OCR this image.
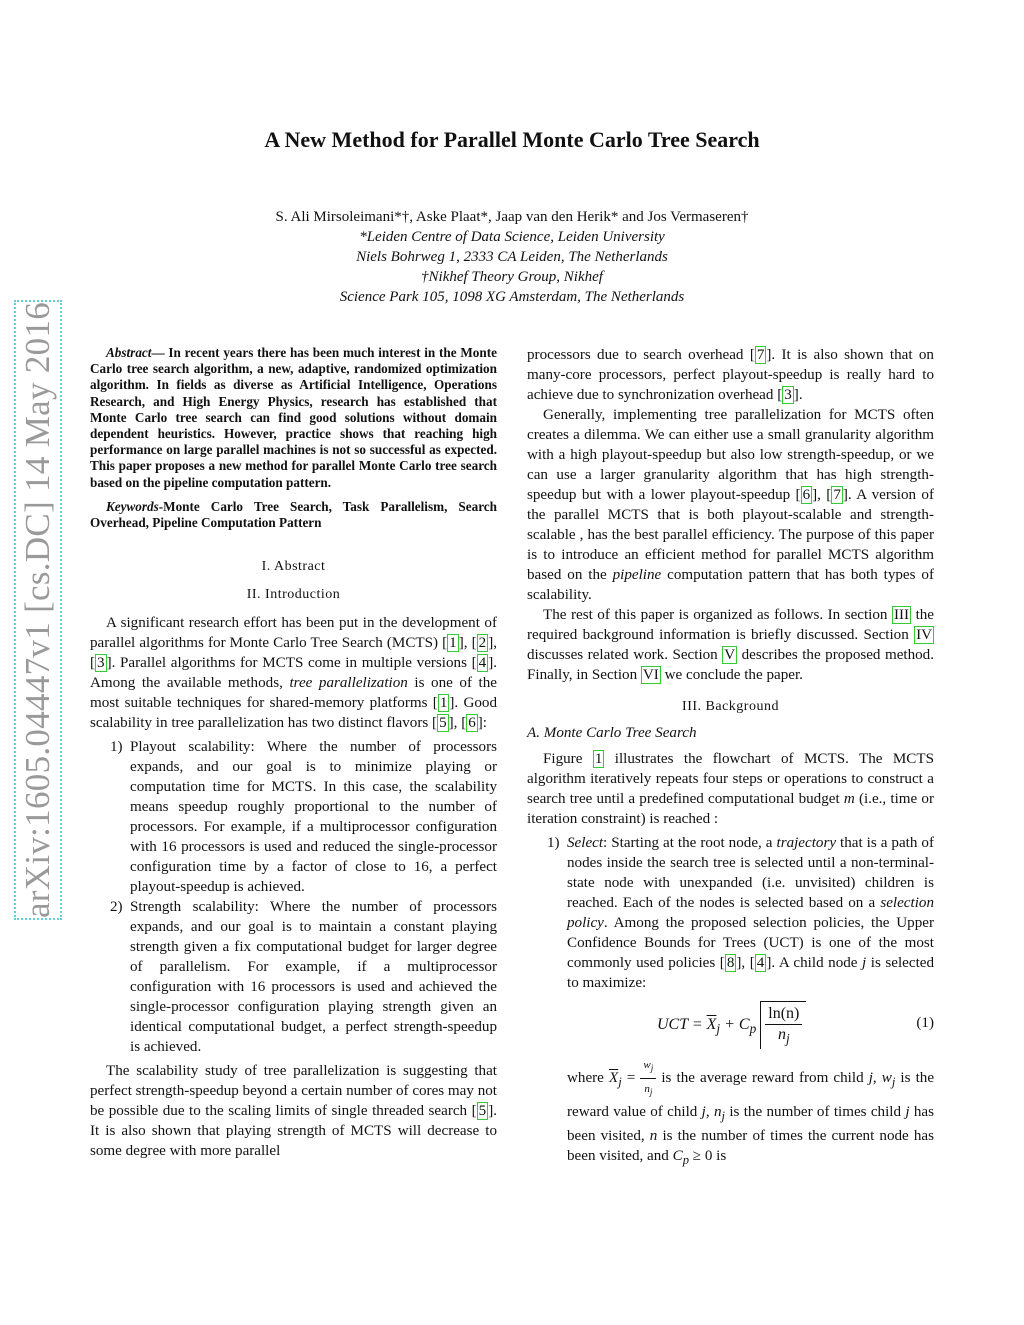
arXiv:1605.04447v1 [cs.DC] 14 May 2016
A New Method for Parallel Monte Carlo Tree Search
S. Ali Mirsoleimani*†, Aske Plaat*, Jaap van den Herik* and Jos Vermaseren†
*Leiden Centre of Data Science, Leiden University
Niels Bohrweg 1, 2333 CA Leiden, The Netherlands
†Nikhef Theory Group, Nikhef
Science Park 105, 1098 XG Amsterdam, The Netherlands

Abstract— In recent years there has been much interest in the Monte Carlo tree search algorithm, a new, adaptive, randomized optimization algorithm. In fields as diverse as Artificial Intelligence, Operations Research, and High Energy Physics, research has established that Monte Carlo tree search can find good solutions without domain dependent heuristics. However, practice shows that reaching high performance on large parallel machines is not so successful as expected. This paper proposes a new method for parallel Monte Carlo tree search based on the pipeline computation pattern.

Keywords-Monte Carlo Tree Search, Task Parallelism, Search Overhead, Pipeline Computation Pattern

I. Abstract

II. Introduction

A significant research effort has been put in the development of parallel algorithms for Monte Carlo Tree Search (MCTS) [ 1 ], [ 2 ], [ 3 ]. Parallel algorithms for MCTS come in multiple versions [ 4 ]. Among the available methods, tree parallelization is one of the most suitable techniques for shared-memory platforms [ 1 ]. Good scalability in tree parallelization has two distinct flavors [ 5 ], [ 6 ]:

1) Playout scalability: Where the number of processors expands, and our goal is to minimize playing or computation time for MCTS. In this case, the scalability means speedup roughly proportional to the number of processors. For example, if a multiprocessor configuration with 16 processors is used and reduced the single-processor configuration time by a factor of close to 16, a perfect playout-speedup is achieved.
2) Strength scalability: Where the number of processors expands, and our goal is to maintain a constant playing strength given a fix computational budget for larger degree of parallelism. For example, if a multiprocessor configuration with 16 processors is used and achieved the single-processor configuration playing strength given an identical computational budget, a perfect strength-speedup is achieved.

The scalability study of tree parallelization is suggesting that perfect strength-speedup beyond a certain number of cores may not be possible due to the scaling limits of single threaded search [ 5 ]. It is also shown that playing strength of MCTS will decrease to some degree with more parallel

processors due to search overhead [ 7 ]. It is also shown that on many-core processors, perfect playout-speedup is really hard to achieve due to synchronization overhead [ 3 ].

Generally, implementing tree parallelization for MCTS often creates a dilemma. We can either use a small granularity algorithm with a high playout-speedup but also low strength-speedup, or we can use a larger granularity algorithm that has high strength-speedup but with a lower playout-speedup [ 6 ], [ 7 ]. A version of the parallel MCTS that is both playout-scalable and strength-scalable , has the best parallel efficiency. The purpose of this paper is to introduce an efficient method for parallel MCTS algorithm based on the pipeline computation pattern that has both types of scalability.

The rest of this paper is organized as follows. In section III the required background information is briefly discussed. Section IV discusses related work. Section V describes the proposed method. Finally, in Section VI we conclude the paper.

III. Background

A. Monte Carlo Tree Search

Figure 1 illustrates the flowchart of MCTS. The MCTS algorithm iteratively repeats four steps or operations to construct a search tree until a predefined computational budget m (i.e., time or iteration constraint) is reached :

1) Select: Starting at the root node, a trajectory that is a path of nodes inside the search tree is selected until a non-terminal-state node with unexpanded (i.e. unvisited) children is reached. Each of the nodes is selected based on a selection policy. Among the proposed selection policies, the Upper Confidence Bounds for Trees (UCT) is one of the most commonly used policies [ 8 ], [ 4 ]. A child node j is selected to maximize:
UCT = $\overline{X}_j + C_p \frac{\ln(n)}{n_j}$	(1)

where $\overline{X}_j = \frac{w_j}{n_j}$ is the average reward from child j, $w_j$ is the reward value of child j, $n_j$ is the number of times child j has been visited, n is the number of times the current node has been visited, and $C_p \ge 0$ is
